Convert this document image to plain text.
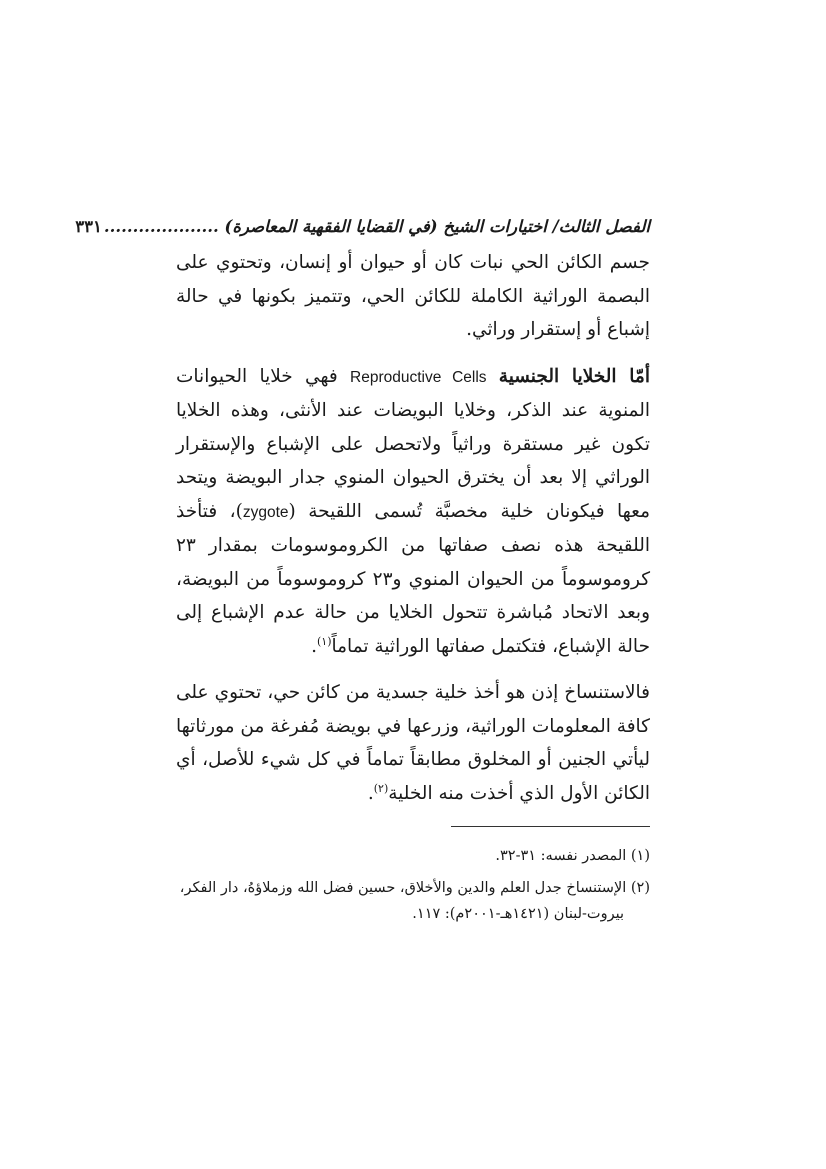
الفصل الثالث/ اختيارات الشيخ (في القضايا الفقهية المعاصرة) ....................
٣٣١

جسم الكائن الحي نبات كان أو حيوان أو إنسان، وتحتوي على البصمة الوراثية الكاملة للكائن الحي، وتتميز بكونها في حالة إشباع أو إستقرار وراثي.

أمّا الخلايا الجنسية Reproductive Cells فهي خلايا الحيوانات المنوية عند الذكر، وخلايا البويضات عند الأنثى، وهذه الخلايا تكون غير مستقرة وراثياً ولاتحصل على الإشباع والإستقرار الوراثي إلا بعد أن يخترق الحيوان المنوي جدار البويضة ويتحد معها فيكونان خلية مخصبَّة تُسمى اللقيحة (zygote)، فتأخذ اللقيحة هذه نصف صفاتها من الكروموسومات بمقدار ٢٣ كروموسوماً من الحيوان المنوي و٢٣ كروموسوماً من البويضة، وبعد الاتحاد مُباشرة تتحول الخلايا من حالة عدم الإشباع إلى حالة الإشباع، فتكتمل صفاتها الوراثية تماماً$^{(١)}$.

فالاستنساخ إذن هو أخذ خلية جسدية من كائن حي، تحتوي على كافة المعلومات الوراثية، وزرعها في بويضة مُفرغة من مورثاتها ليأتي الجنين أو المخلوق مطابقاً تماماً في كل شيء للأصل، أي الكائن الأول الذي أخذت منه الخلية$^{(٢)}$.

(١) المصدر نفسه: ٣١-٣٢.

(٢) الإستنساخ جدل العلم والدين والأخلاق، حسين فضل الله وزملاؤهُ، دار الفكر،
بيروت-لبنان (١٤٢١هـ-٢٠٠١م): ١١٧.
